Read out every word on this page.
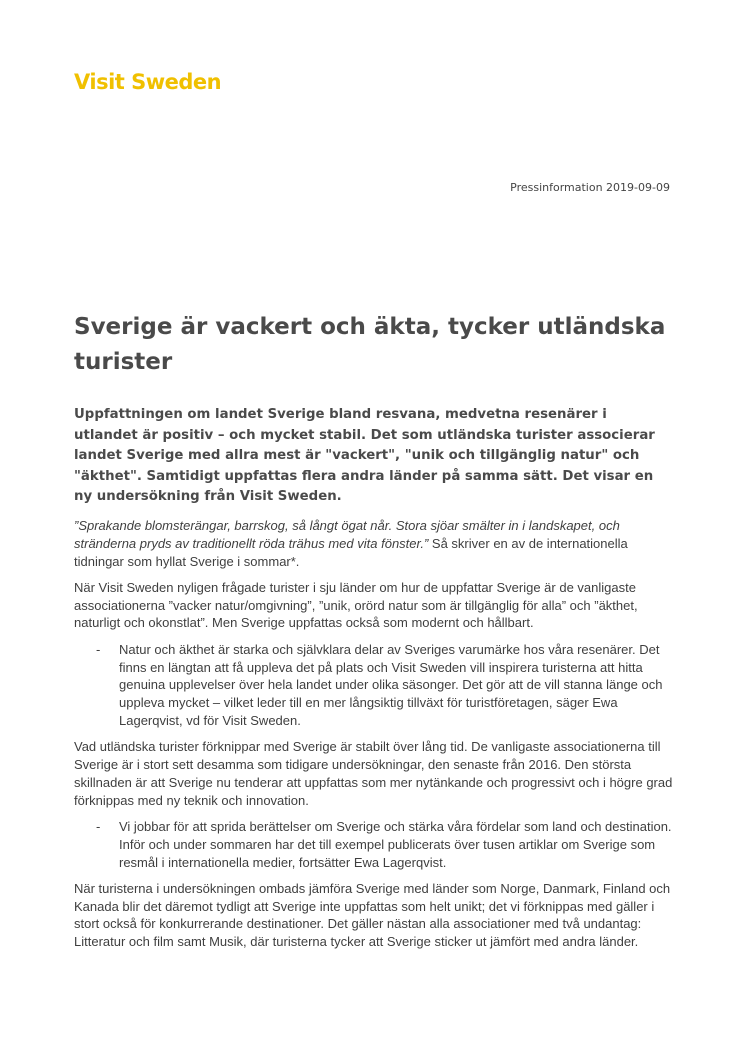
Visit Sweden
Pressinformation 2019-09-09
Sverige är vackert och äkta, tycker utländska turister

Uppfattningen om landet Sverige bland resvana, medvetna resenärer i utlandet är positiv – och mycket stabil. Det som utländska turister associerar landet Sverige med allra mest är "vackert", "unik och tillgänglig natur" och "äkthet". Samtidigt uppfattas flera andra länder på samma sätt. Det visar en ny undersökning från Visit Sweden.

”Sprakande blomsterängar, barrskog, så långt ögat når. Stora sjöar smälter in i landskapet, och stränderna pryds av traditionellt röda trähus med vita fönster.” Så skriver en av de internationella tidningar som hyllat Sverige i sommar*.

När Visit Sweden nyligen frågade turister i sju länder om hur de uppfattar Sverige är de vanligaste associationerna ”vacker natur/omgivning”, ”unik, orörd natur som är tillgänglig för alla” och ”äkthet, naturligt och okonstlat”. Men Sverige uppfattas också som modernt och hållbart.

- Natur och äkthet är starka och självklara delar av Sveriges varumärke hos våra resenärer. Det finns en längtan att få uppleva det på plats och Visit Sweden vill inspirera turisterna att hitta genuina upplevelser över hela landet under olika säsonger. Det gör att de vill stanna länge och uppleva mycket – vilket leder till en mer långsiktig tillväxt för turistföretagen, säger Ewa Lagerqvist, vd för Visit Sweden.

Vad utländska turister förknippar med Sverige är stabilt över lång tid. De vanligaste associationerna till Sverige är i stort sett desamma som tidigare undersökningar, den senaste från 2016. Den största skillnaden är att Sverige nu tenderar att uppfattas som mer nytänkande och progressivt och i högre grad förknippas med ny teknik och innovation.

- Vi jobbar för att sprida berättelser om Sverige och stärka våra fördelar som land och destination. Inför och under sommaren har det till exempel publicerats över tusen artiklar om Sverige som resmål i internationella medier, fortsätter Ewa Lagerqvist.

När turisterna i undersökningen ombads jämföra Sverige med länder som Norge, Danmark, Finland och Kanada blir det däremot tydligt att Sverige inte uppfattas som helt unikt; det vi förknippas med gäller i stort också för konkurrerande destinationer. Det gäller nästan alla associationer med två undantag: Litteratur och film samt Musik, där turisterna tycker att Sverige sticker ut jämfört med andra länder.
